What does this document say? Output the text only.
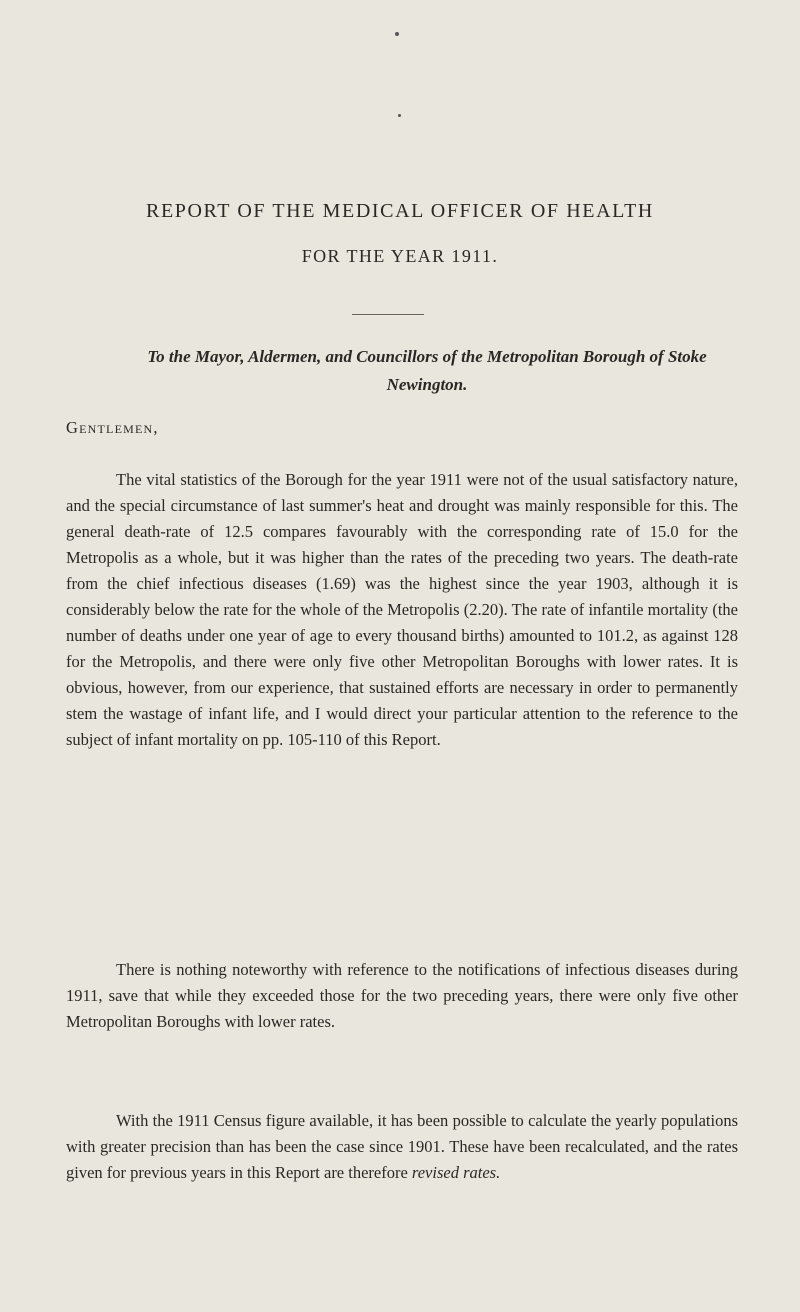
REPORT OF THE MEDICAL OFFICER OF HEALTH
FOR THE YEAR 1911.
To the Mayor, Aldermen, and Councillors of the Metropolitan Borough of Stoke Newington.
Gentlemen,

The vital statistics of the Borough for the year 1911 were not of the usual satisfactory nature, and the special circumstance of last summer's heat and drought was mainly responsible for this. The general death-rate of 12.5 compares favourably with the corresponding rate of 15.0 for the Metropolis as a whole, but it was higher than the rates of the preceding two years. The death-rate from the chief infectious diseases (1.69) was the highest since the year 1903, although it is considerably below the rate for the whole of the Metropolis (2.20). The rate of infantile mortality (the number of deaths under one year of age to every thousand births) amounted to 101.2, as against 128 for the Metropolis, and there were only five other Metropolitan Boroughs with lower rates. It is obvious, however, from our experience, that sustained efforts are necessary in order to permanently stem the wastage of infant life, and I would direct your particular attention to the reference to the subject of infant mortality on pp. 105-110 of this Report.

There is nothing noteworthy with reference to the notifications of infectious diseases during 1911, save that while they exceeded those for the two preceding years, there were only five other Metropolitan Boroughs with lower rates.

With the 1911 Census figure available, it has been possible to calculate the yearly populations with greater precision than has been the case since 1901. These have been recalculated, and the rates given for previous years in this Report are therefore revised rates.
